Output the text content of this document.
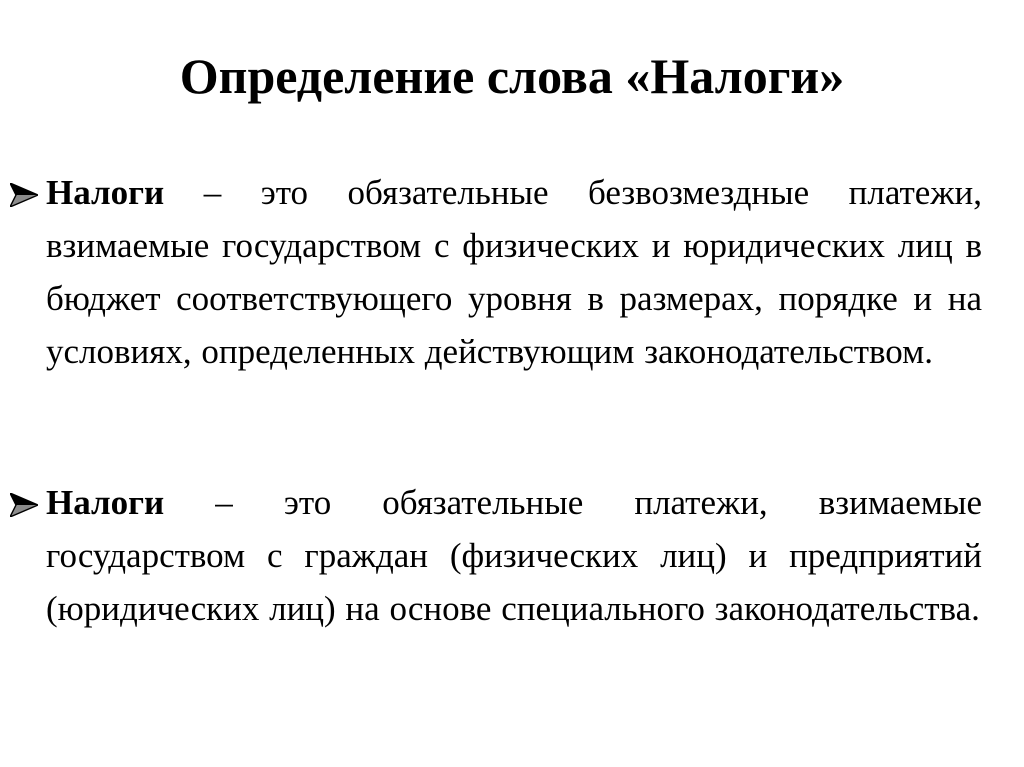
Определение слова «Налоги»

Налоги – это обязательные безвозмездные платежи, взимаемые государством с физических и юридических лиц в бюджет соответствующего уровня в размерах, порядке и на условиях, определенных действующим законодательством.

Налоги – это обязательные платежи, взимаемые государством с граждан (физических лиц) и предприятий (юридических лиц) на основе специального законодательства.
